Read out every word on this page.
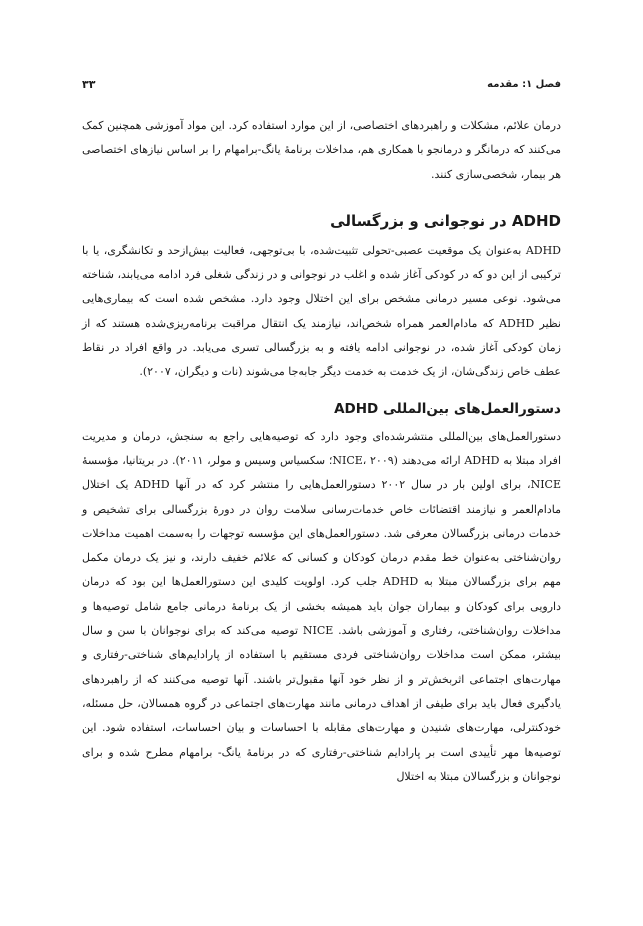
فصل ۱: مقدمه
۳۳

درمان علائم، مشکلات و راهبردهای اختصاصی، از این موارد استفاده کرد. این مواد آموزشی همچنین کمک می‌کنند که درمانگر و درمانجو با همکاری هم، مداخلات برنامهٔ یانگ-برامهام را بر اساس نیازهای اختصاصی هر بیمار، شخصی‌سازی کنند.

ADHD در نوجوانی و بزرگسالی

ADHD به‌عنوان یک موقعیت عصبی-تحولی تثبیت‌شده، با بی‌توجهی، فعالیت بیش‌ازحد و تکانشگری، یا با ترکیبی از این دو که در کودکی آغاز شده و اغلب در نوجوانی و در زندگی شغلی فرد ادامه می‌یابند، شناخته می‌شود. نوعی مسیر درمانی مشخص برای این اختلال وجود دارد. مشخص شده است که بیماری‌هایی نظیر ADHD که مادام‌العمر همراه شخص‌اند، نیازمند یک انتقال مراقبت برنامه‌ریزی‌شده هستند که از زمان کودکی آغاز شده، در نوجوانی ادامه یافته و به بزرگسالی تسری می‌یابد. در واقع افراد در نقاط عطف خاص زندگی‌شان، از یک خدمت به خدمت دیگر جابه‌جا می‌شوند (نات و دیگران، ۲۰۰۷).

دستورالعمل‌های بین‌المللی ADHD

دستورالعمل‌های بین‌المللی منتشرشده‌ای وجود دارد که توصیه‌هایی راجع به سنجش، درمان و مدیریت افراد مبتلا به ADHD ارائه می‌دهند (NICE، ۲۰۰۹؛ سکسیاس وسیس و مولر، ۲۰۱۱). در بریتانیا، مؤسسهٔ NICE، برای اولین بار در سال ۲۰۰۲ دستورالعمل‌هایی را منتشر کرد که در آنها ADHD یک اختلال مادام‌العمر و نیازمند اقتضائات خاص خدمات‌رسانی سلامت روان در دورهٔ بزرگسالی برای تشخیص و خدمات درمانی بزرگسالان معرفی شد. دستورالعمل‌های این مؤسسه توجهات را به‌سمت اهمیت مداخلات روان‌شناختی به‌عنوان خط مقدم درمان کودکان و کسانی که علائم خفیف دارند، و نیز یک درمان مکمل مهم برای بزرگسالان مبتلا به ADHD جلب کرد. اولویت کلیدی این دستورالعمل‌ها این بود که درمان دارویی برای کودکان و بیماران جوان باید همیشه بخشی از یک برنامهٔ درمانی جامع شامل توصیه‌ها و مداخلات روان‌شناختی، رفتاری و آموزشی باشد. NICE توصیه می‌کند که برای نوجوانان با سن و سال بیشتر، ممکن است مداخلات روان‌شناختی فردی مستقیم با استفاده از پارادایم‌های شناختی-رفتاری و مهارت‌های اجتماعی اثربخش‌تر و از نظر خود آنها مقبول‌تر باشند. آنها توصیه می‌کنند که از راهبردهای یادگیری فعال باید برای طیفی از اهداف درمانی مانند مهارت‌های اجتماعی در گروه همسالان، حل مسئله، خودکنترلی، مهارت‌های شنیدن و مهارت‌های مقابله با احساسات و بیان احساسات، استفاده شود. این توصیه‌ها مهر تأییدی است بر پارادایم شناختی-رفتاری که در برنامهٔ یانگ- برامهام مطرح شده و برای نوجوانان و بزرگسالان مبتلا به اختلال
